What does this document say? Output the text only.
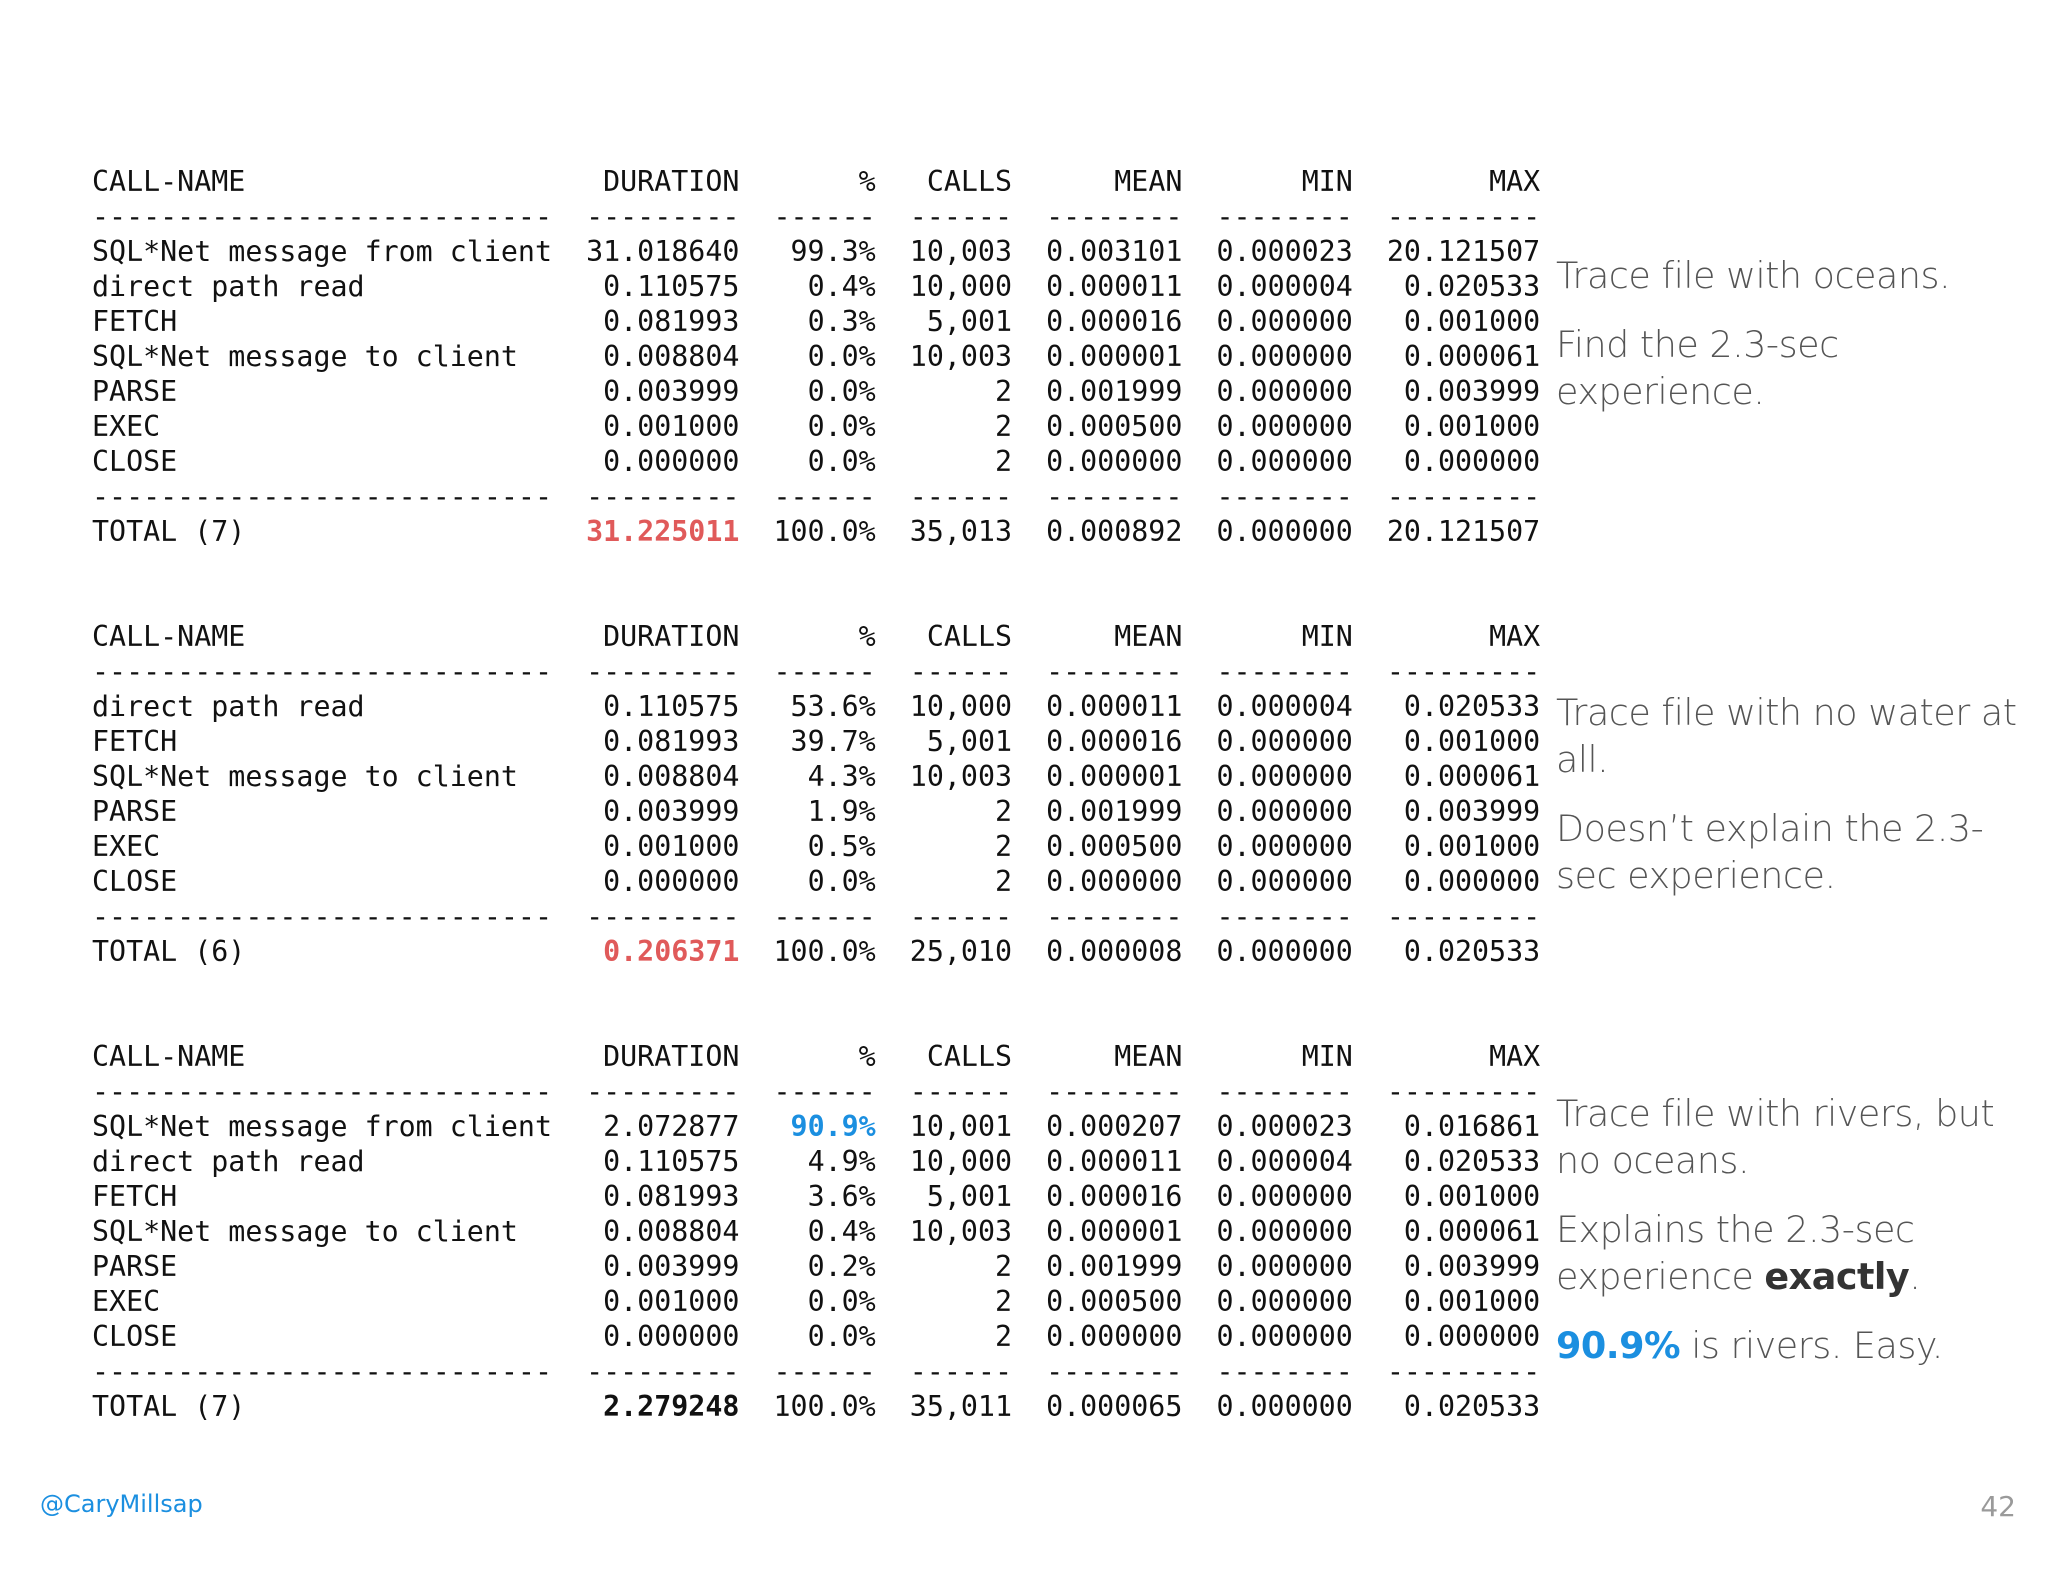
CALL-NAME	DURATION	% CALLS	MEAN	MIN	MAX
--------------------------- --------- ------ ------ -------- -------- ---------
SQL*Net message from client 31.018640 99.3% 10,003 0.003101 0.000023 20.121507
direct path read	0.110575 0.4% 10,000 0.000011 0.000004 0.020533
FETCH	0.081993 0.3% 5,001 0.000016 0.000000 0.001000
SQL*Net message to client	0.008804 0.0% 10,003 0.000001 0.000000 0.000061
PARSE	0.003999 0.0%	2 0.001999 0.000000 0.003999
EXEC	0.001000 0.0%	2 0.000500 0.000000 0.001000
CLOSE	0.000000 0.0%	2 0.000000 0.000000 0.000000
--------------------------- --------- ------ ------ -------- -------- ---------
TOTAL (7)	31.225011 100.0% 35,013 0.000892 0.000000 20.121507
CALL-NAME	DURATION	% CALLS	MEAN	MIN	MAX
--------------------------- --------- ------ ------ -------- -------- ---------
direct path read	0.110575 53.6% 10,000 0.000011 0.000004 0.020533
FETCH	0.081993 39.7% 5,001 0.000016 0.000000 0.001000
SQL*Net message to client	0.008804 4.3% 10,003 0.000001 0.000000 0.000061
PARSE	0.003999 1.9%	2 0.001999 0.000000 0.003999
EXEC	0.001000 0.5%	2 0.000500 0.000000 0.001000
CLOSE	0.000000 0.0%	2 0.000000 0.000000 0.000000
--------------------------- --------- ------ ------ -------- -------- ---------
TOTAL (6)	0.206371 100.0% 25,010 0.000008 0.000000 0.020533
CALL-NAME	DURATION	% CALLS	MEAN	MIN	MAX
--------------------------- --------- ------ ------ -------- -------- ---------
SQL*Net message from client 2.072877 90.9% 10,001 0.000207 0.000023 0.016861
direct path read	0.110575 4.9% 10,000 0.000011 0.000004 0.020533
FETCH	0.081993 3.6% 5,001 0.000016 0.000000 0.001000
SQL*Net message to client	0.008804 0.4% 10,003 0.000001 0.000000 0.000061
PARSE	0.003999 0.2%	2 0.001999 0.000000 0.003999
EXEC	0.001000 0.0%	2 0.000500 0.000000 0.001000
CLOSE	0.000000 0.0%	2 0.000000 0.000000 0.000000
--------------------------- --------- ------ ------ -------- -------- ---------
TOTAL (7)	2.279248 100.0% 35,011 0.000065 0.000000 0.020533

Trace file with oceans.

Find the 2.3-sec experience.

Trace file with no water at all.

Doesn’t explain the 2.3-sec experience.

Trace file with rivers, but no oceans.

Explains the 2.3-sec experience exactly.

90.9% is rivers. Easy.

@CaryMillsap	42
